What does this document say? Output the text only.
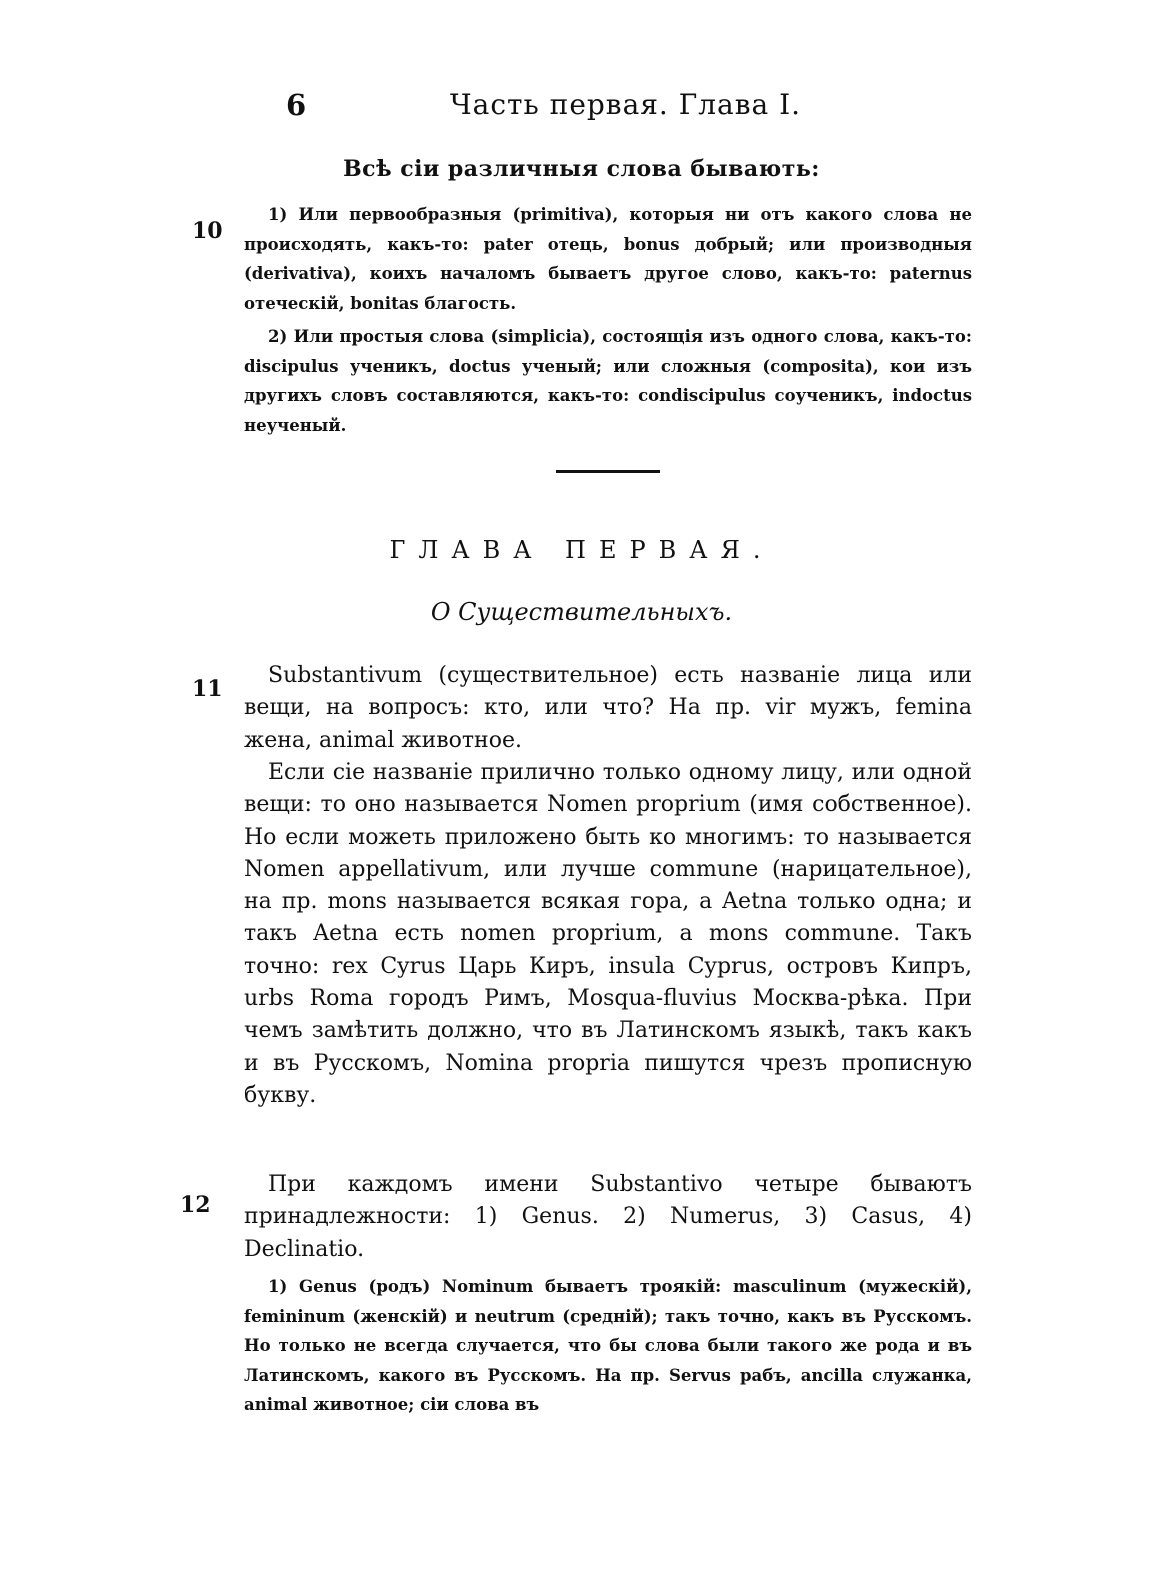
6	Часть первая. Глава I.
Всѣ сіи различныя слова бывають:
10

1) Или первообразныя (primitiva), которыя ни отъ какого слова не происходять, какъ-то: pater отець, bonus добрый; или производныя (derivativa), коихъ началомъ бываетъ другое слово, какъ-то: paternus отеческій, bonitas благость.

2) Или простыя слова (simplicia), состоящія изъ одного слова, какъ-то: discipulus ученикъ, doctus ученый; или сложныя (composita), кои изъ другихъ словъ составляются, какъ-то: condiscipulus соученикъ, indoctus неученый.

ГЛАВА ПЕРВАЯ.
О Существительныхъ.
11

Substantivum (существительное) есть названіе лица или вещи, на вопросъ: кто, или что? На пр. vir мужъ, femina жена, animal животное.

Если сіе названіе прилично только одному лицу, или одной вещи: то оно называется Nomen proprium (имя собственное). Но если можеть приложено быть ко многимъ: то называется Nomen appellativum, или лучше commune (нарицательное), на пр. mons называется всякая гора, а Aetna только одна; и такъ Aetna есть nomen proprium, а mons commune. Такъ точно: rex Cyrus Царь Киръ, insula Cyprus, островъ Кипръ, urbs Roma городъ Римъ, Mosqua-fluvius Москва-рѣка. При чемъ замѣтить должно, что въ Латинскомъ языкѣ, такъ какъ и въ Русскомъ, Nomina propria пишутся чрезъ прописную букву.

12

При каждомъ имени Substantivo четыре бываютъ принадлежности: 1) Genus. 2) Numerus, 3) Casus, 4) Declinatio.

1) Genus (родъ) Nominum бываетъ троякій: masculinum (мужескій), femininum (женскій) и neutrum (средній); такъ точно, какъ въ Русскомъ. Но только не всегда случается, что бы слова были такого же рода и въ Латинскомъ, какого въ Русскомъ. На пр. Servus рабъ, ancilla служанка, animal животное; сіи слова въ
